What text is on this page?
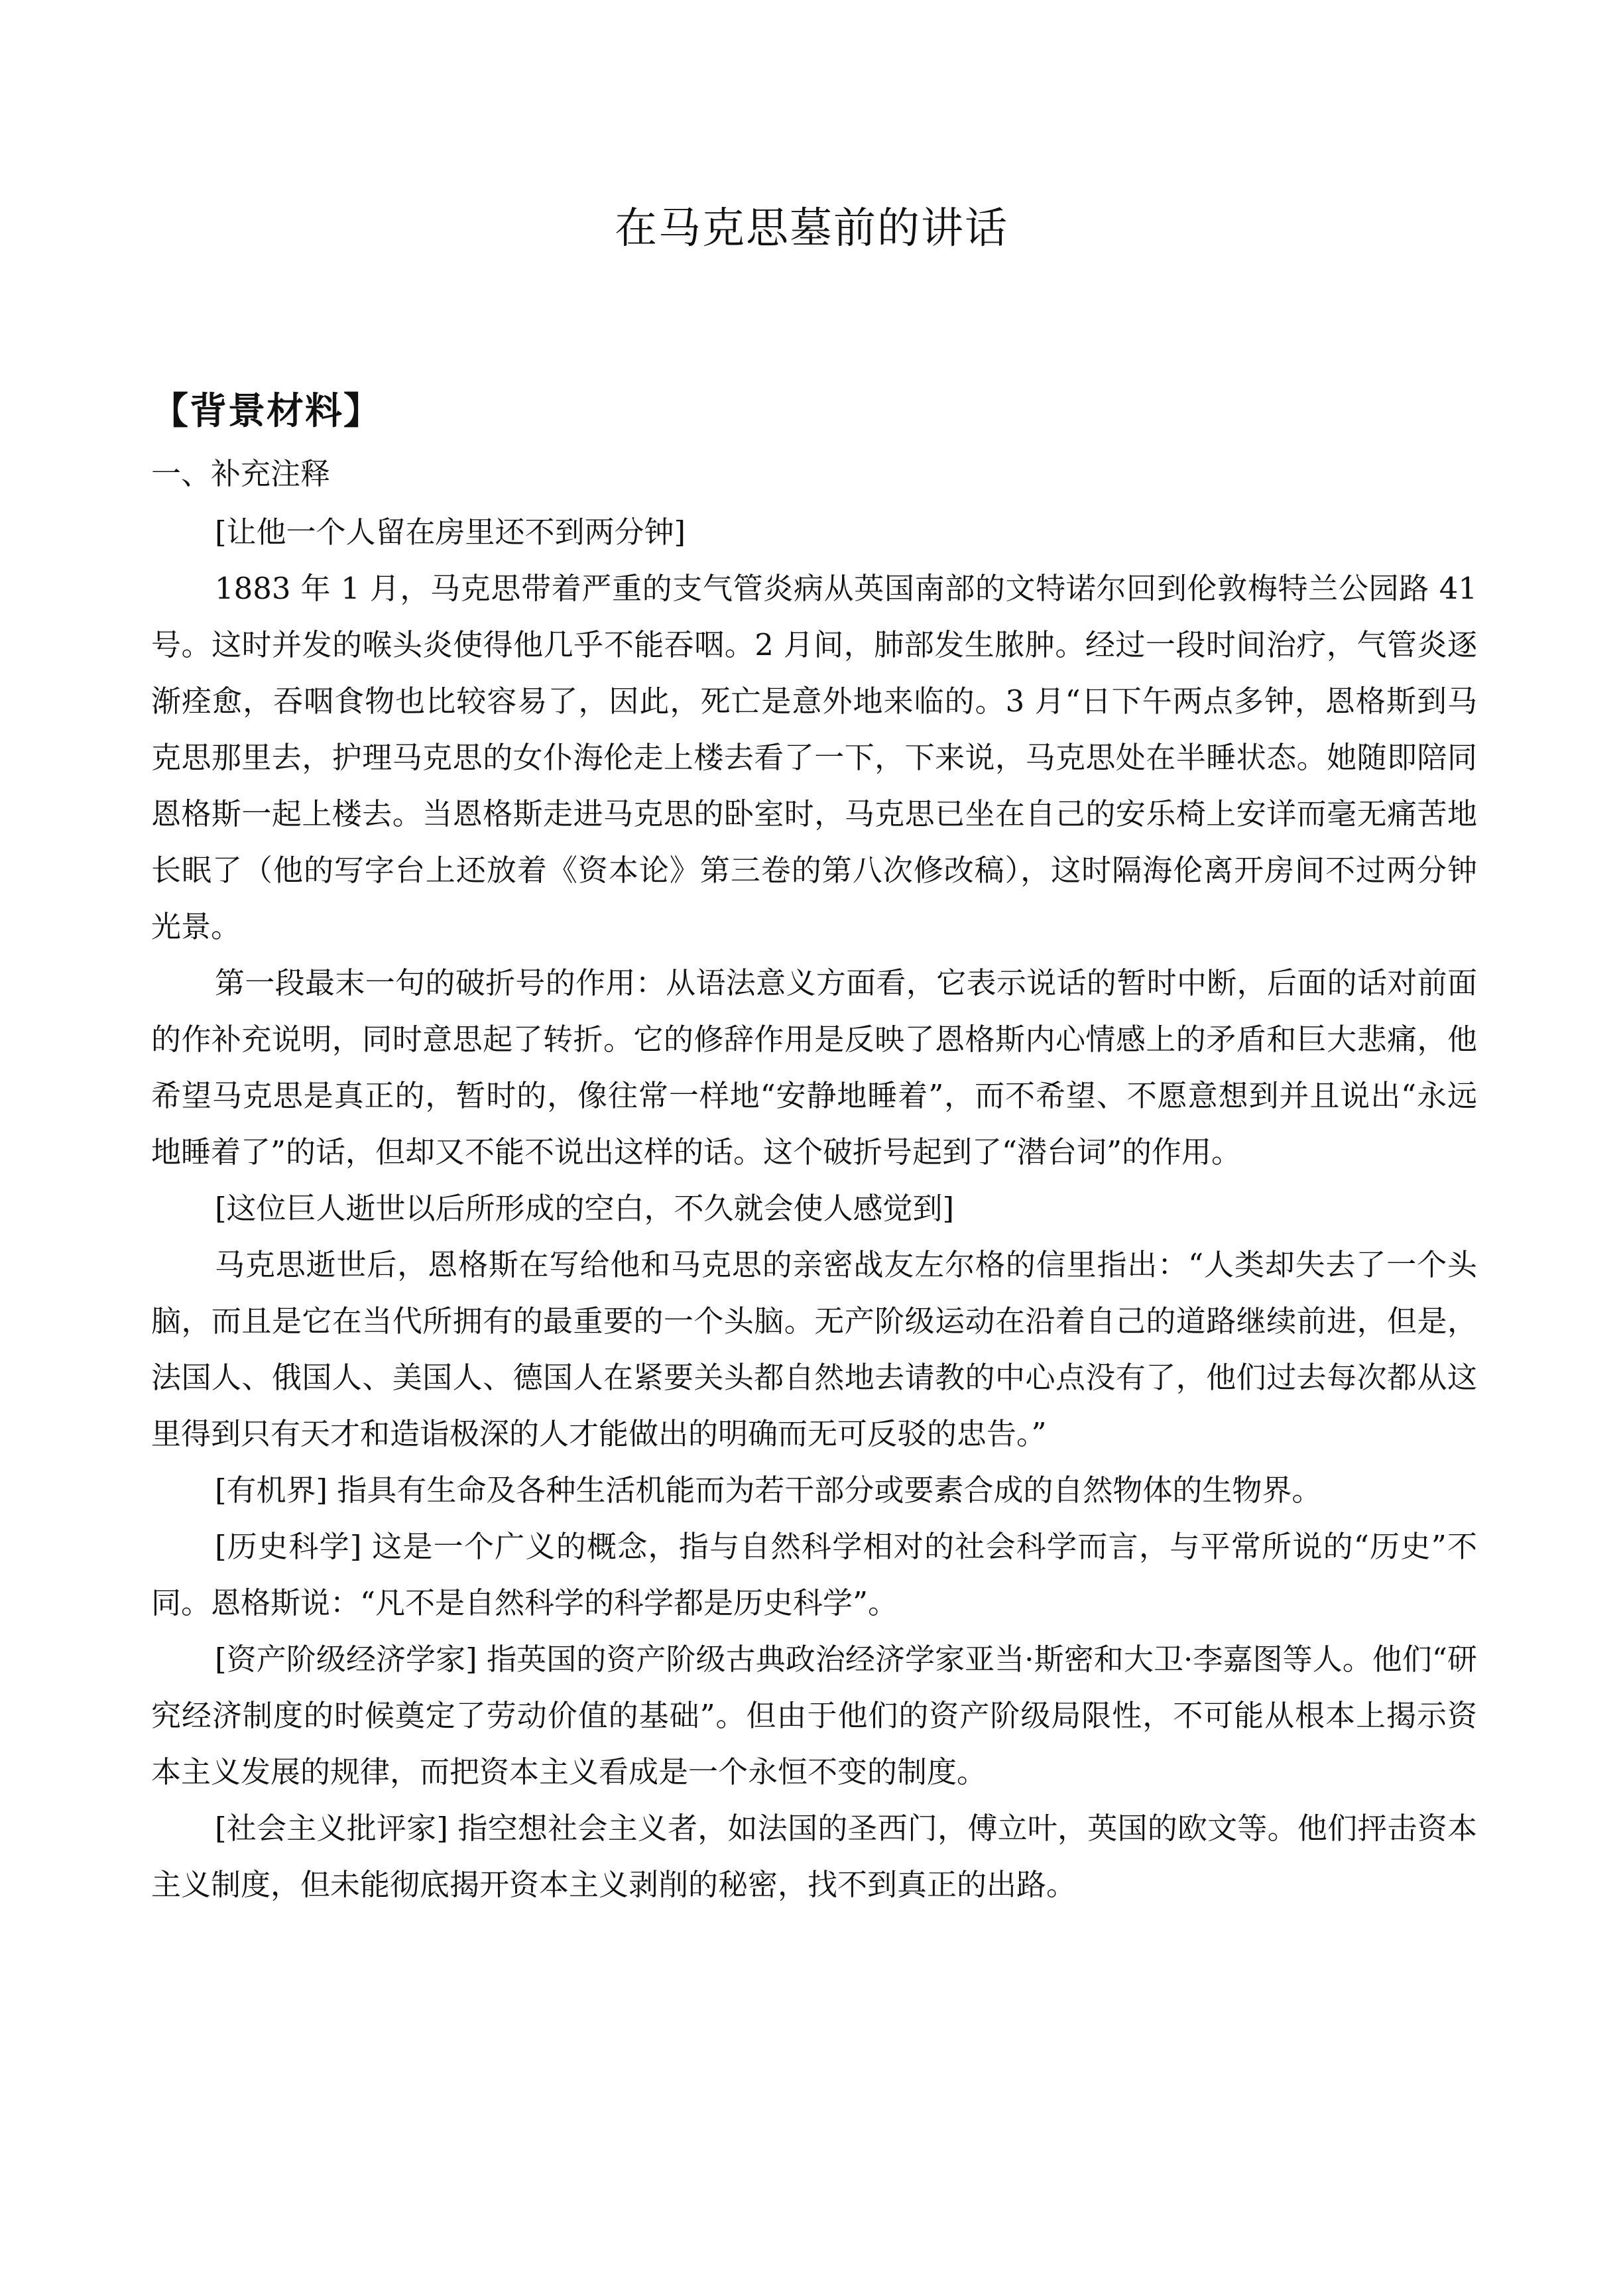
在马克思墓前的讲话
【背景材料】
一、补充注释

[让他一个人留在房里还不到两分钟]

1883 年 1 月，马克思带着严重的支气管炎病从英国南部的文特诺尔回到伦敦梅特兰公园路 41 号。这时并发的喉头炎使得他几乎不能吞咽。2 月间，肺部发生脓肿。经过一段时间治疗，气管炎逐渐痊愈，吞咽食物也比较容易了，因此，死亡是意外地来临的。3 月“日下午两点多钟，恩格斯到马克思那里去，护理马克思的女仆海伦走上楼去看了一下，下来说，马克思处在半睡状态。她随即陪同恩格斯一起上楼去。当恩格斯走进马克思的卧室时，马克思已坐在自己的安乐椅上安详而毫无痛苦地长眠了（他的写字台上还放着《资本论》第三卷的第八次修改稿），这时隔海伦离开房间不过两分钟光景。

第一段最末一句的破折号的作用：从语法意义方面看，它表示说话的暂时中断，后面的话对前面的作补充说明，同时意思起了转折。它的修辞作用是反映了恩格斯内心情感上的矛盾和巨大悲痛，他希望马克思是真正的，暂时的，像往常一样地“安静地睡着”，而不希望、不愿意想到并且说出“永远地睡着了”的话，但却又不能不说出这样的话。这个破折号起到了“潜台词”的作用。

[这位巨人逝世以后所形成的空白，不久就会使人感觉到]

马克思逝世后，恩格斯在写给他和马克思的亲密战友左尔格的信里指出：“人类却失去了一个头脑，而且是它在当代所拥有的最重要的一个头脑。无产阶级运动在沿着自己的道路继续前进，但是，法国人、俄国人、美国人、德国人在紧要关头都自然地去请教的中心点没有了，他们过去每次都从这里得到只有天才和造诣极深的人才能做出的明确而无可反驳的忠告。”

[有机界] 指具有生命及各种生活机能而为若干部分或要素合成的自然物体的生物界。

[历史科学] 这是一个广义的概念，指与自然科学相对的社会科学而言，与平常所说的“历史”不同。恩格斯说：“凡不是自然科学的科学都是历史科学”。

[资产阶级经济学家] 指英国的资产阶级古典政治经济学家亚当·斯密和大卫·李嘉图等人。他们“研究经济制度的时候奠定了劳动价值的基础”。但由于他们的资产阶级局限性，不可能从根本上揭示资本主义发展的规律，而把资本主义看成是一个永恒不变的制度。

[社会主义批评家] 指空想社会主义者，如法国的圣西门，傅立叶，英国的欧文等。他们抨击资本主义制度，但未能彻底揭开资本主义剥削的秘密，找不到真正的出路。
